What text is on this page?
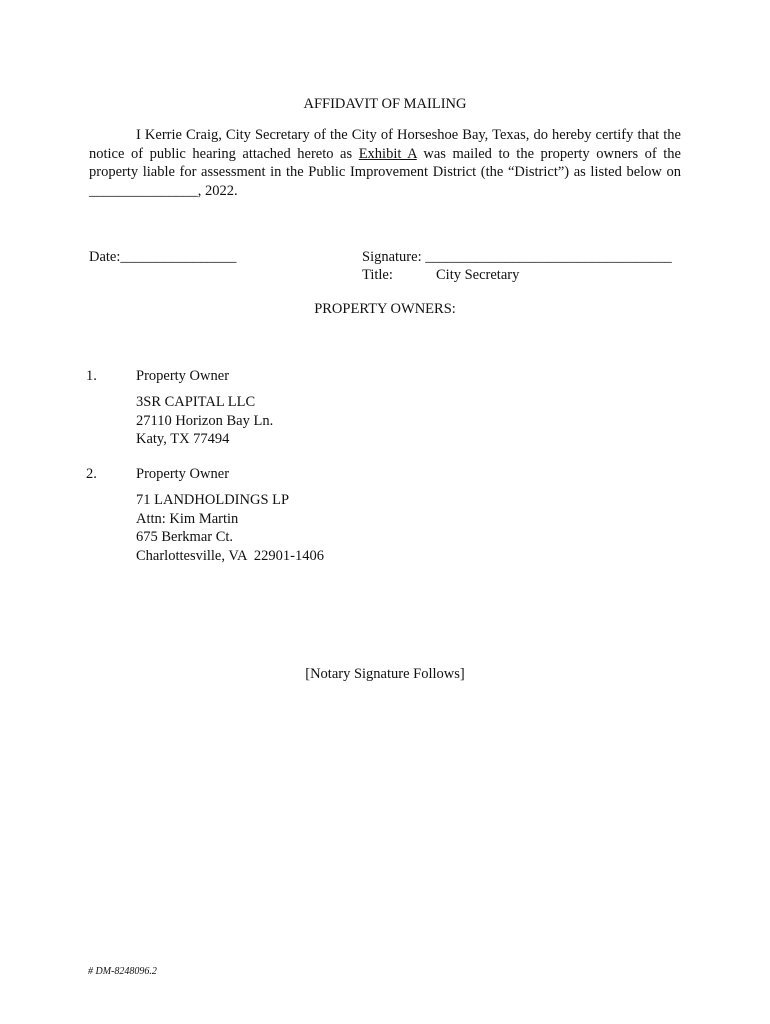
AFFIDAVIT OF MAILING
I Kerrie Craig, City Secretary of the City of Horseshoe Bay, Texas, do hereby certify that the notice of public hearing attached hereto as Exhibit A was mailed to the property owners of the property liable for assessment in the Public Improvement District (the “District”) as listed below on _______________, 2022.
Date:________________	Signature: __________________________________
Title:	City Secretary
PROPERTY OWNERS:
1.	Property Owner
3SR CAPITAL LLC
27110 Horizon Bay Ln.
Katy, TX 77494
2.	Property Owner
71 LANDHOLDINGS LP
Attn: Kim Martin
675 Berkmar Ct.
Charlottesville, VA  22901-1406
[Notary Signature Follows]
# DM-8248096.2
